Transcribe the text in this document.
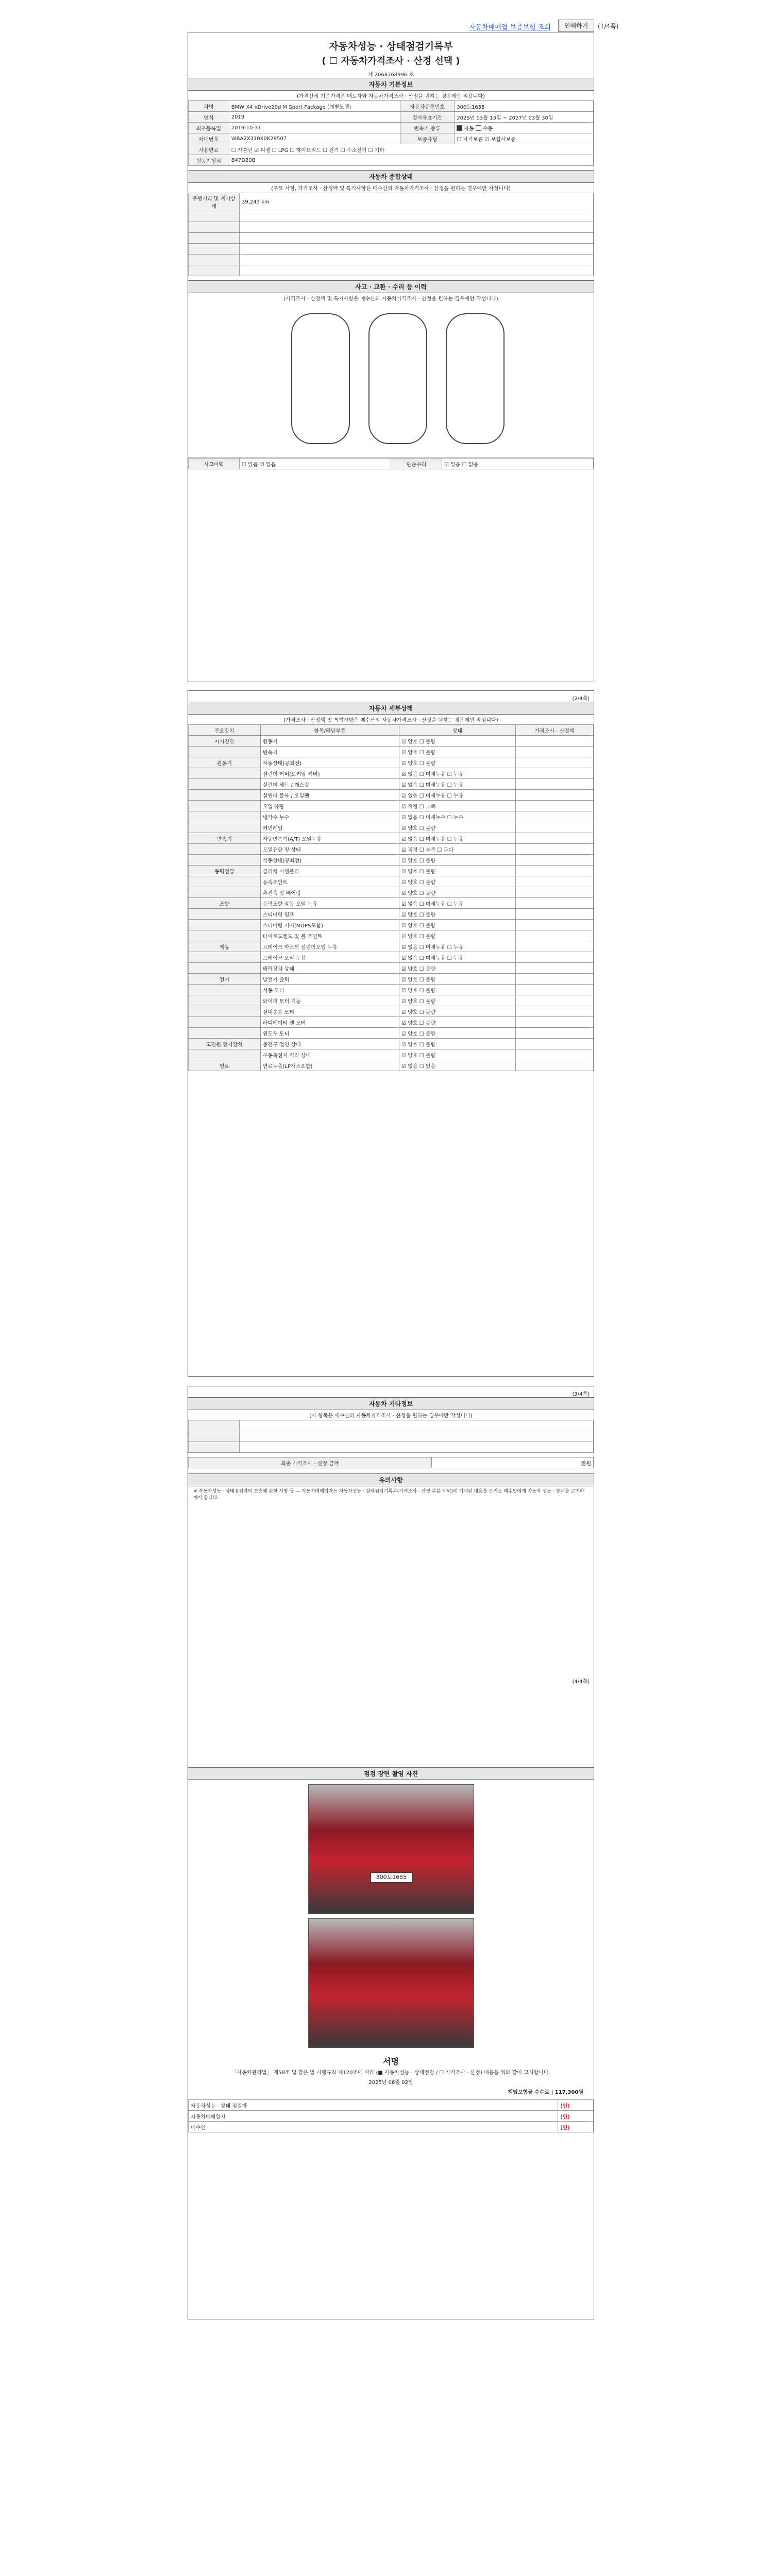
자동차매매업 보증보험 조회	인쇄하기	(1/4쪽)
자동차성능 · 상태점검기록부
( ☐ 자동차가격조사 · 산정 선택 )
제 2068768996 호
자동차 기본정보
(가격산정 기준가격은 매도자와 자동차가격조사 · 산정을 원하는 경우에만 적용니다)
차명	BMW X4 xDrive20d M Sport Package (개별모델)	자동차등록번호	300도1655
연식	2019	검사유효기간	2025년 03월 13일 ~ 2027년 03월 30일
최초등록일	2019-10-31	변속기 종류	자동 수동
차대번호	WBA2X310X0K29507	보증유형	☐ 자가보증 ☑ 보험사보증
사용연료	☐ 가솔린 ☑ 디젤 ☐ LPG ☐ 하이브리드 ☐ 전기 ☐ 수소전기 ☐ 기타		
원동기형식	B47D20B		
자동차 종합상태
(주요 사항, 가격조사 · 산정액 및 특기사항은 매수산의 자동차가격조사 · 산정을 원하는 경우에만 작성니다)
주행거리 및 계기상태	39,243 km

사고 · 교환 · 수리 등 이력
(가격조사 · 산정액 및 특기사항은 매수산의 자동차가격조사 · 산정을 원하는 경우에만 작성니다)
사고이력	☐ 있음 ☑ 없음	단순수리	☑ 있음 ☐ 없음
(2/4쪽)
자동차 세부상태
(가격조사 · 산정액 및 특기사항은 매수산의 자동차가격조사 · 산정을 원하는 경우에만 작성니다)
주요장치	항목/해당부품	상태	가격조사 · 산정액
자기진단	원동기	☑ 양호 ☐ 불량	
	변속기	☑ 양호 ☐ 불량	
원동기	작동상태(공회전)	☑ 양호 ☐ 불량	
	실린더 커버(로커암 커버)	☑ 없음 ☐ 미세누유 ☐ 누유	
	실린더 헤드 / 개스킷	☑ 없음 ☐ 미세누유 ☐ 누유	
	실린더 블록 / 오일팬	☑ 없음 ☐ 미세누유 ☐ 누유	
	오일 유량	☑ 적정 ☐ 부족	
	냉각수 누수	☑ 없음 ☐ 미세누수 ☐ 누수	
	커먼레일	☑ 양호 ☐ 불량	
변속기	자동변속기(A/T) 오일누유	☑ 없음 ☐ 미세누유 ☐ 누유	
	오일유량 및 상태	☑ 적정 ☐ 부족 ☐ 과다	
	작동상태(공회전)	☑ 양호 ☐ 불량	
동력전달	클러치 어셈블리	☑ 양호 ☐ 불량	
	등속조인트	☑ 양호 ☐ 불량	
	추진축 및 베어링	☑ 양호 ☐ 불량	
조향	동력조향 작동 오일 누유	☑ 없음 ☐ 미세누유 ☐ 누유	
	스티어링 펌프	☑ 양호 ☐ 불량	
	스티어링 기어(MDPS포함)	☑ 양호 ☐ 불량	
	타이로드엔드 및 볼 조인트	☑ 양호 ☐ 불량	
제동	브레이크 마스터 실린더오일 누유	☑ 없음 ☐ 미세누유 ☐ 누유	
	브레이크 오일 누유	☑ 없음 ☐ 미세누유 ☐ 누유	
	배력장치 상태	☑ 양호 ☐ 불량	
전기	발전기 출력	☑ 양호 ☐ 불량	
	시동 모터	☑ 양호 ☐ 불량	
	와이퍼 모터 기능	☑ 양호 ☐ 불량	
	실내송풍 모터	☑ 양호 ☐ 불량	
	라디에이터 팬 모터	☑ 양호 ☐ 불량	
	윈도우 모터	☑ 양호 ☐ 불량	
고전원 전기장치	충전구 절연 상태	☑ 양호 ☐ 불량	
	구동축전지 격리 상태	☑ 양호 ☐ 불량	
연료	연료누출(LP가스포함)	☑ 없음 ☐ 있음	
(3/4쪽)
자동차 기타정보
(이 항목은 매수산의 자동차가격조사 · 산정을 원하는 경우에만 작성니다)

최종 가격조사 · 산정 금액	만원
유의사항
※ 자동차성능 · 상태점검자의 보증에 관한 사항 등 — 자동차매매업자는 자동차성능 · 상태점검기록부(가격조사 · 산정 부분 제외)에 기재된 내용을 근거로 매수인에게 자동차 성능 · 상태를 고지하여야 합니다.
(4/4쪽)
점검 장면 촬영 사진
300도1655
서명
「자동차관리법」 제58조 및 같은 법 시행규칙 제120조에 따라 (■ 자동차성능 · 상태점검 / ☐ 가격조사 · 산정) 내용을 위와 같이 고지합니다.
2025년 06월 02일
책임보험금 수수료 | 117,300원
자동차성능 · 상태 점검자	(인)
자동차매매업자	(인)
매수인	(인)
